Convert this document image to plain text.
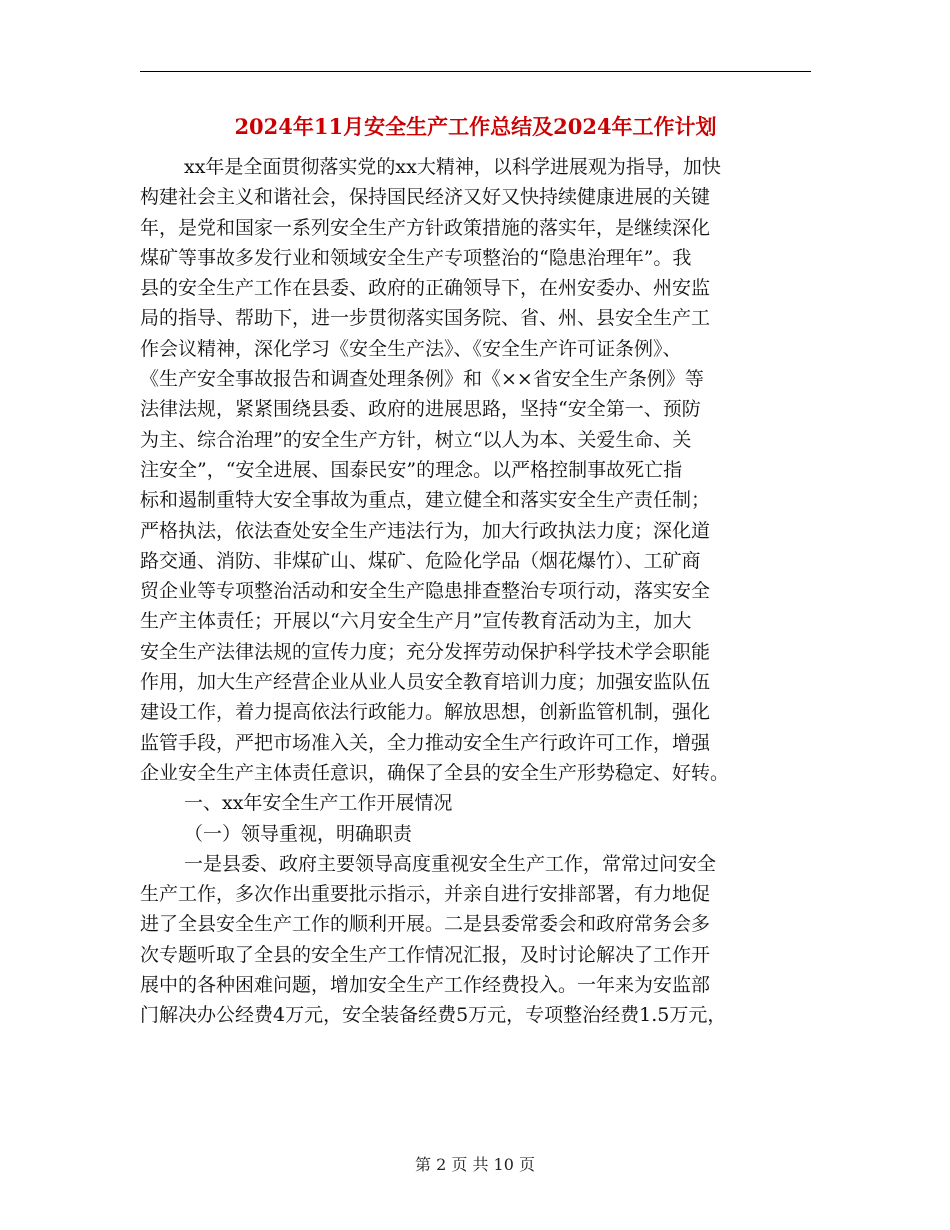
2024年11月安全生产工作总结及2024年工作计划

xx年是全面贯彻落实党的xx大精神，以科学进展观为指导，加快
构建社会主义和谐社会，保持国民经济又好又快持续健康进展的关键
年，是党和国家一系列安全生产方针政策措施的落实年，是继续深化
煤矿等事故多发行业和领域安全生产专项整治的“隐患治理年”。我
县的安全生产工作在县委、政府的正确领导下，在州安委办、州安监
局的指导、帮助下，进一步贯彻落实国务院、省、州、县安全生产工
作会议精神，深化学习《安全生产法》、《安全生产许可证条例》、
《生产安全事故报告和调查处理条例》和《××省安全生产条例》等
法律法规，紧紧围绕县委、政府的进展思路，坚持“安全第一、预防
为主、综合治理”的安全生产方针，树立“以人为本、关爱生命、关
注安全”，“安全进展、国泰民安”的理念。以严格控制事故死亡指
标和遏制重特大安全事故为重点，建立健全和落实安全生产责任制；
严格执法，依法查处安全生产违法行为，加大行政执法力度；深化道
路交通、消防、非煤矿山、煤矿、危险化学品（烟花爆竹）、工矿商
贸企业等专项整治活动和安全生产隐患排查整治专项行动，落实安全
生产主体责任；开展以“六月安全生产月”宣传教育活动为主，加大
安全生产法律法规的宣传力度；充分发挥劳动保护科学技术学会职能
作用，加大生产经营企业从业人员安全教育培训力度；加强安监队伍
建设工作，着力提高依法行政能力。解放思想，创新监管机制，强化
监管手段，严把市场准入关，全力推动安全生产行政许可工作，增强
企业安全生产主体责任意识，确保了全县的安全生产形势稳定、好转。

一、xx年安全生产工作开展情况

（一）领导重视，明确职责

一是县委、政府主要领导高度重视安全生产工作，常常过问安全
生产工作，多次作出重要批示指示，并亲自进行安排部署，有力地促
进了全县安全生产工作的顺利开展。二是县委常委会和政府常务会多
次专题听取了全县的安全生产工作情况汇报，及时讨论解决了工作开
展中的各种困难问题，增加安全生产工作经费投入。一年来为安监部
门解决办公经费4万元，安全装备经费5万元，专项整治经费1.5万元，

第 2 页 共 10 页
